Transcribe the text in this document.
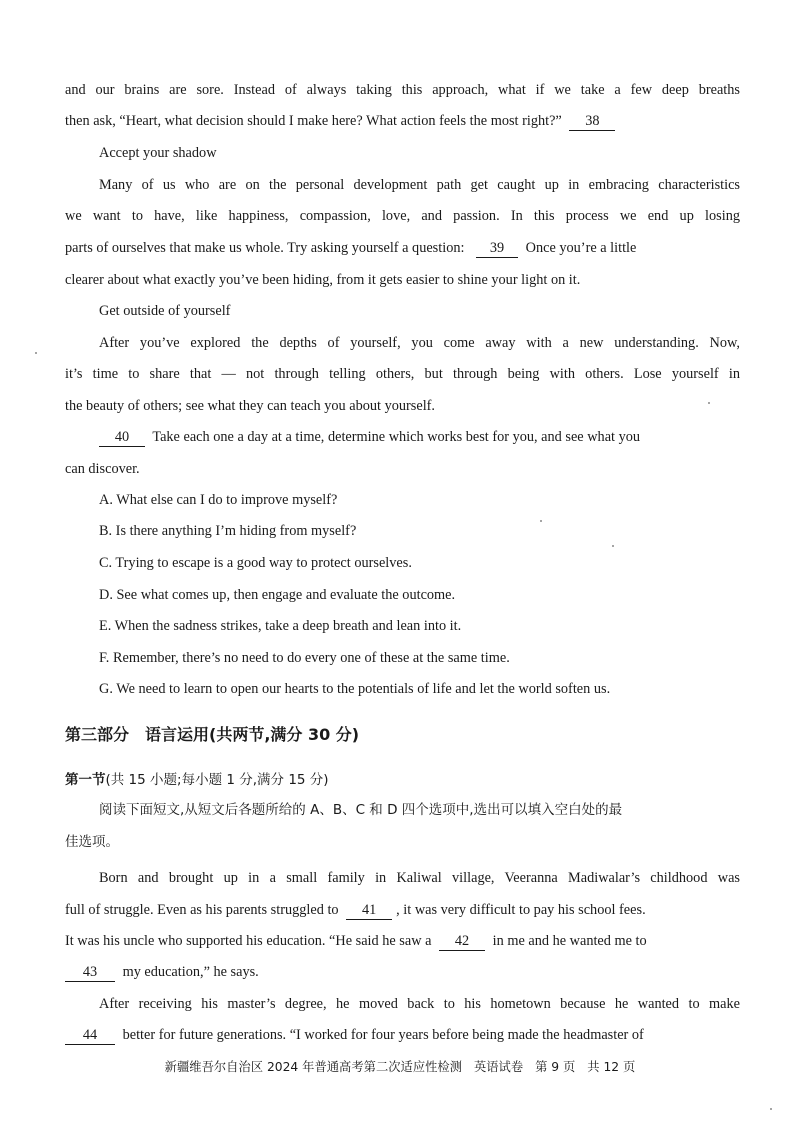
and our brains are sore. Instead of always taking this approach, what if we take a few deep breaths
then ask, “Heart, what decision should I make here? What action feels the most right?” 38
Accept your shadow
Many of us who are on the personal development path get caught up in embracing characteristics
we want to have, like happiness, compassion, love, and passion. In this process we end up losing
parts of ourselves that make us whole. Try asking yourself a question: 39 Once you’re a little
clearer about what exactly you’ve been hiding, from it gets easier to shine your light on it.
Get outside of yourself
After you’ve explored the depths of yourself, you come away with a new understanding. Now,
it’s time to share that — not through telling others, but through being with others. Lose yourself in
the beauty of others; see what they can teach you about yourself.
40 Take each one a day at a time, determine which works best for you, and see what you
can discover.
A. What else can I do to improve myself?
B. Is there anything I’m hiding from myself?
C. Trying to escape is a good way to protect ourselves.
D. See what comes up, then engage and evaluate the outcome.
E. When the sadness strikes, take a deep breath and lean into it.
F. Remember, there’s no need to do every one of these at the same time.
G. We need to learn to open our hearts to the potentials of life and let the world soften us.
第三部分　语言运用(共两节,满分 30 分)
第一节(共 15 小题;每小题 1 分,满分 15 分)
阅读下面短文,从短文后各题所给的 A、B、C 和 D 四个选项中,选出可以填入空白处的最
佳选项。
Born and brought up in a small family in Kaliwal village, Veeranna Madiwalar’s childhood was
full of struggle. Even as his parents struggled to 41 , it was very difficult to pay his school fees.
It was his uncle who supported his education. “He said he saw a 42 in me and he wanted me to
43 my education,” he says.
After receiving his master’s degree, he moved back to his hometown because he wanted to make
44 better for future generations. “I worked for four years before being made the headmaster of
新疆维吾尔自治区 2024 年普通高考第二次适应性检测 英语试卷 第 9 页 共 12 页
